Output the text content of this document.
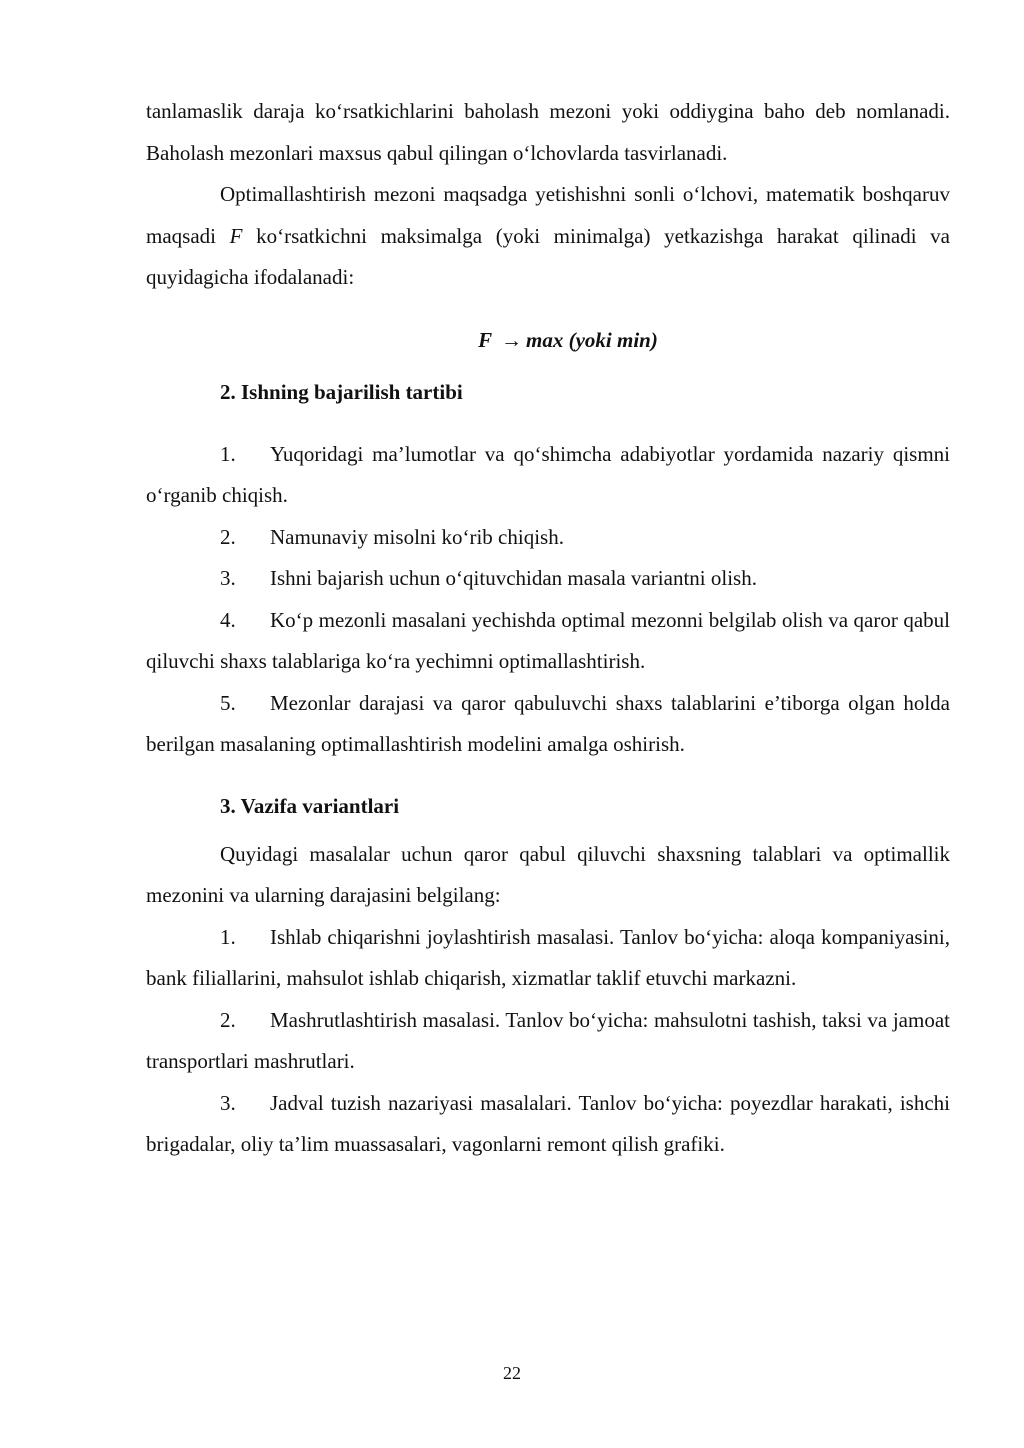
tanlamaslik daraja ko‘rsatkichlarini baholash mezoni yoki oddiygina baho deb nomlanadi. Baholash mezonlari maxsus qabul qilingan o‘lchovlarda tasvirlanadi.

Optimallashtirish mezoni maqsadga yetishishni sonli o‘lchovi, matematik boshqaruv maqsadi F ko‘rsatkichni maksimalga (yoki minimalga) yetkazishga harakat qilinadi va quyidagicha ifodalanadi:

F → max (yoki min)

2. Ishning bajarilish tartibi

1. Yuqoridagi ma’lumotlar va qo‘shimcha adabiyotlar yordamida nazariy qismni o‘rganib chiqish.

2. Namunaviy misolni ko‘rib chiqish.

3. Ishni bajarish uchun o‘qituvchidan masala variantni olish.

4. Ko‘p mezonli masalani yechishda optimal mezonni belgilab olish va qaror qabul qiluvchi shaxs talablariga ko‘ra yechimni optimallashtirish.

5. Mezonlar darajasi va qaror qabuluvchi shaxs talablarini e’tiborga olgan holda berilgan masalaning optimallashtirish modelini amalga oshirish.

3. Vazifa variantlari

Quyidagi masalalar uchun qaror qabul qiluvchi shaxsning talablari va optimallik mezonini va ularning darajasini belgilang:

1. Ishlab chiqarishni joylashtirish masalasi. Tanlov bo‘yicha: aloqa kompaniyasini, bank filiallarini, mahsulot ishlab chiqarish, xizmatlar taklif etuvchi markazni.

2. Mashrutlashtirish masalasi. Tanlov bo‘yicha: mahsulotni tashish, taksi va jamoat transportlari mashrutlari.

3. Jadval tuzish nazariyasi masalalari. Tanlov bo‘yicha: poyezdlar harakati, ishchi brigadalar, oliy ta’lim muassasalari, vagonlarni remont qilish grafiki.

22
